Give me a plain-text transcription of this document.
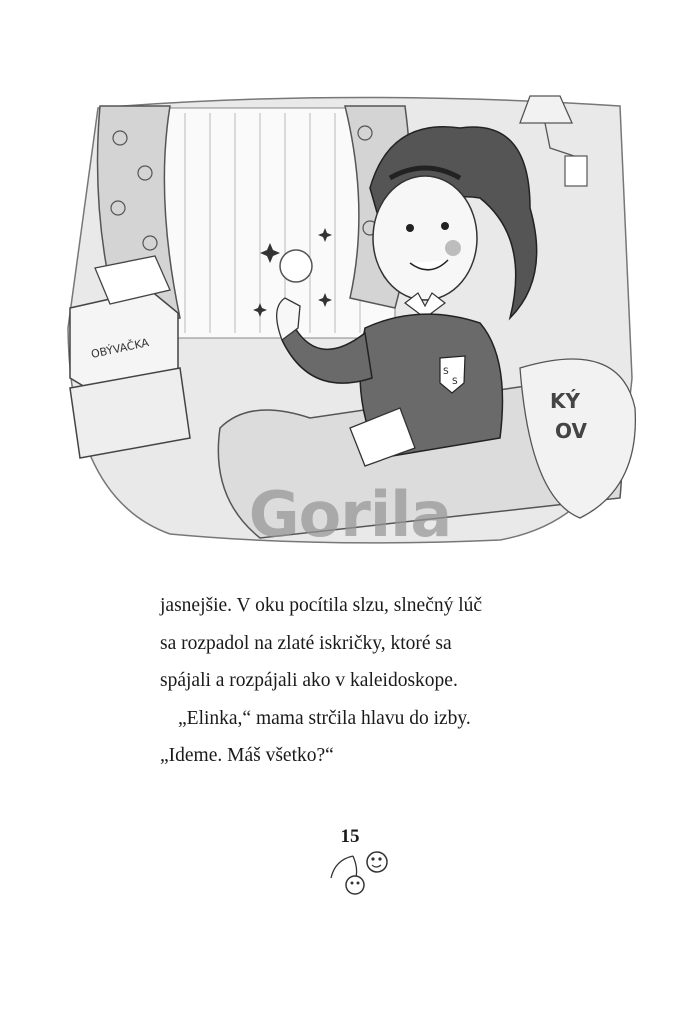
OBÝVAČKA
KÝ
OV
S
S
Gorila
jasnejšie. V oku pocítila slzu, slnečný lúč
sa rozpadol na zlaté iskričky, ktoré sa
spájali a rozpájali ako v kaleidoskope.
„Elinka,“ mama strčila hlavu do izby.
„Ideme. Máš všetko?“
15
